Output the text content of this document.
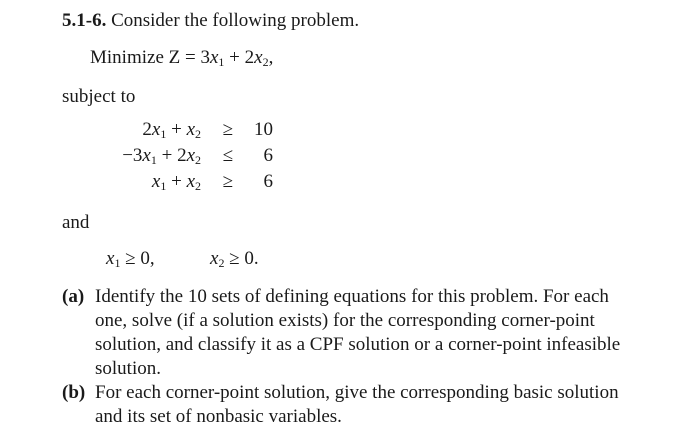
5.1-6. Consider the following problem.
Minimize $Z = 3x_1 + 2x_2$,
subject to
$2x_1 + x_2$	≥	10
$-3x_1 + 2x_2$	≤	6
$x_1 + x_2$	≥	6
and
$x_1 \ge 0$,	$x_2 \ge 0$.
(a) Identify the 10 sets of defining equations for this problem. For each one, solve (if a solution exists) for the corresponding corner-point solution, and classify it as a CPF solution or a corner-point infeasible solution.
(b) For each corner-point solution, give the corresponding basic solution and its set of nonbasic variables.
